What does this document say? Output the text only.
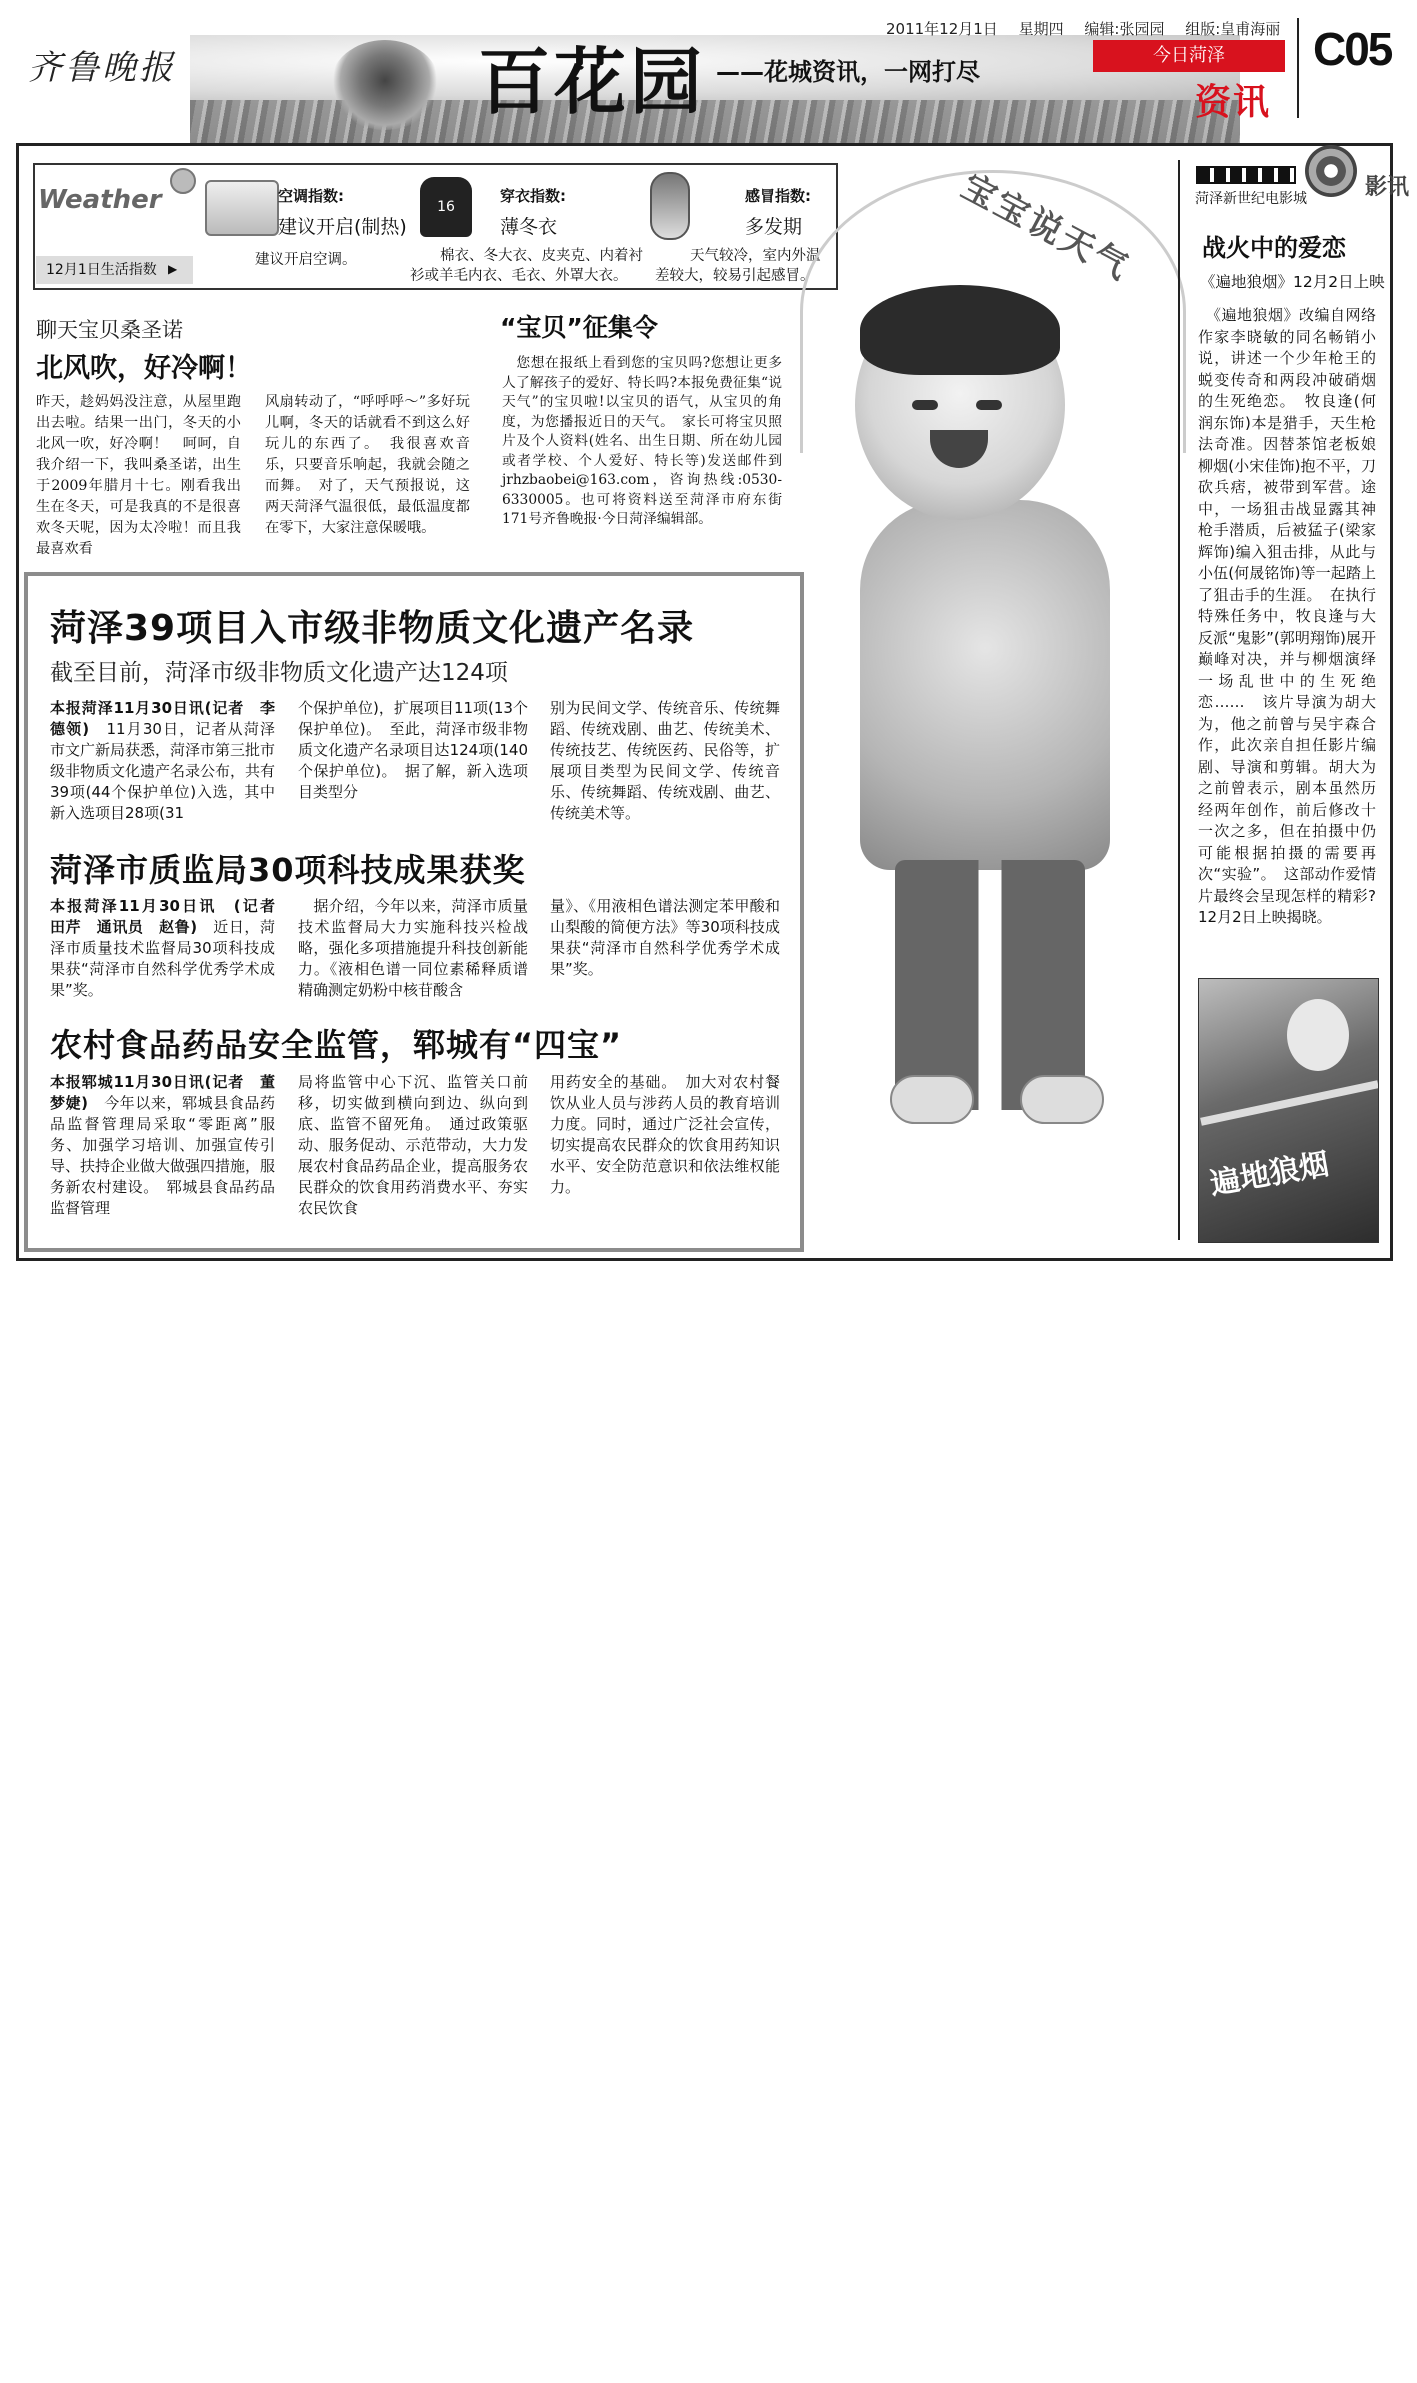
齐鲁晚报	百花园 ——花城资讯，一网打尽
2011年12月1日 星期四 编辑:张园园 组版:皇甫海丽
今日菏泽
资讯
C05
Weather
12月1日生活指数 ▶
空调指数:
建议开启(制热)
建议开启空调。
16
穿衣指数:
薄冬衣
棉衣、冬大衣、皮夹克、内着衬
衫或羊毛内衣、毛衣、外罩大衣。
感冒指数:
多发期
天气较冷，室内外温
差较大，较易引起感冒。
聊天宝贝桑圣诺
北风吹，好冷啊！
昨天，趁妈妈没注意，从屋里跑出去啦。结果一出门，冬天的小北风一吹，好冷啊！　呵呵，自我介绍一下，我叫桑圣诺，出生于2009年腊月十七。刚看我出生在冬天，可是我真的不是很喜欢冬天呢，因为太冷啦！而且我最喜欢看
风扇转动了，“呼呼呼～”多好玩儿啊，冬天的话就看不到这么好玩儿的东西了。　我很喜欢音乐，只要音乐响起，我就会随之而舞。　对了，天气预报说，这两天菏泽气温很低，最低温度都在零下，大家注意保暖哦。
“宝贝”征集令
　您想在报纸上看到您的宝贝吗?您想让更多人了解孩子的爱好、特长吗?本报免费征集“说天气”的宝贝啦!以宝贝的语气，从宝贝的角度，为您播报近日的天气。　家长可将宝贝照片及个人资料(姓名、出生日期、所在幼儿园或者学校、个人爱好、特长等)发送邮件到jrhzbaobei@163.com，咨询热线:0530-6330005。也可将资料送至菏泽市府东街171号齐鲁晚报·今日菏泽编辑部。
宝宝说天气
菏泽39项目入市级非物质文化遗产名录
截至目前，菏泽市级非物质文化遗产达124项
本报菏泽11月30日讯(记者　李德领)　11月30日，记者从菏泽市文广新局获悉，菏泽市第三批市级非物质文化遗产名录公布，共有39项(44个保护单位)入选，其中新入选项目28项(31
个保护单位)，扩展项目11项(13个保护单位)。　至此，菏泽市级非物质文化遗产名录项目达124项(140个保护单位)。　据了解，新入选项目类型分
别为民间文学、传统音乐、传统舞蹈、传统戏剧、曲艺、传统美术、传统技艺、传统医药、民俗等，扩展项目类型为民间文学、传统音乐、传统舞蹈、传统戏剧、曲艺、传统美术等。
菏泽市质监局30项科技成果获奖
本报菏泽11月30日讯　(记者　田芹　通讯员　赵鲁)　近日，菏泽市质量技术监督局30项科技成果获“菏泽市自然科学优秀学术成果”奖。
　据介绍，今年以来，菏泽市质量技术监督局大力实施科技兴检战略，强化多项措施提升科技创新能力。《液相色谱一同位素稀释质谱精确测定奶粉中核苷酸含
量》、《用液相色谱法测定苯甲酸和山梨酸的简便方法》等30项科技成果获“菏泽市自然科学优秀学术成果”奖。
农村食品药品安全监管，郓城有“四宝”
本报郓城11月30日讯(记者　董梦婕)　今年以来，郓城县食品药品监督管理局采取“零距离”服务、加强学习培训、加强宣传引导、扶持企业做大做强四措施，服务新农村建设。　郓城县食品药品监督管理
局将监管中心下沉、监管关口前移，切实做到横向到边、纵向到底、监管不留死角。　通过政策驱动、服务促动、示范带动，大力发展农村食品药品企业，提高服务农民群众的饮食用药消费水平、夯实农民饮食
用药安全的基础。　加大对农村餐饮从业人员与涉药人员的教育培训力度。同时，通过广泛社会宣传，切实提高农民群众的饮食用药知识水平、安全防范意识和依法维权能力。
影讯
菏泽新世纪电影城
战火中的爱恋
《遍地狼烟》12月2日上映
　《遍地狼烟》改编自网络作家李晓敏的同名畅销小说，讲述一个少年枪王的蜕变传奇和两段冲破硝烟的生死绝恋。　牧良逢(何润东饰)本是猎手，天生枪法奇准。因替茶馆老板娘柳烟(小宋佳饰)抱不平，刀砍兵痞，被带到军营。途中，一场狙击战显露其神枪手潜质，后被猛子(梁家辉饰)编入狙击排，从此与小伍(何晟铭饰)等一起踏上了狙击手的生涯。　在执行特殊任务中，牧良逢与大反派“鬼影”(郭明翔饰)展开巅峰对决，并与柳烟演绎一场乱世中的生死绝恋……　该片导演为胡大为，他之前曾与吴宇森合作，此次亲自担任影片编剧、导演和剪辑。胡大为之前曾表示，剧本虽然历经两年创作，前后修改十一次之多，但在拍摄中仍可能根据拍摄的需要再次“实验”。　这部动作爱情片最终会呈现怎样的精彩?12月2日上映揭晓。
遍地狼烟
